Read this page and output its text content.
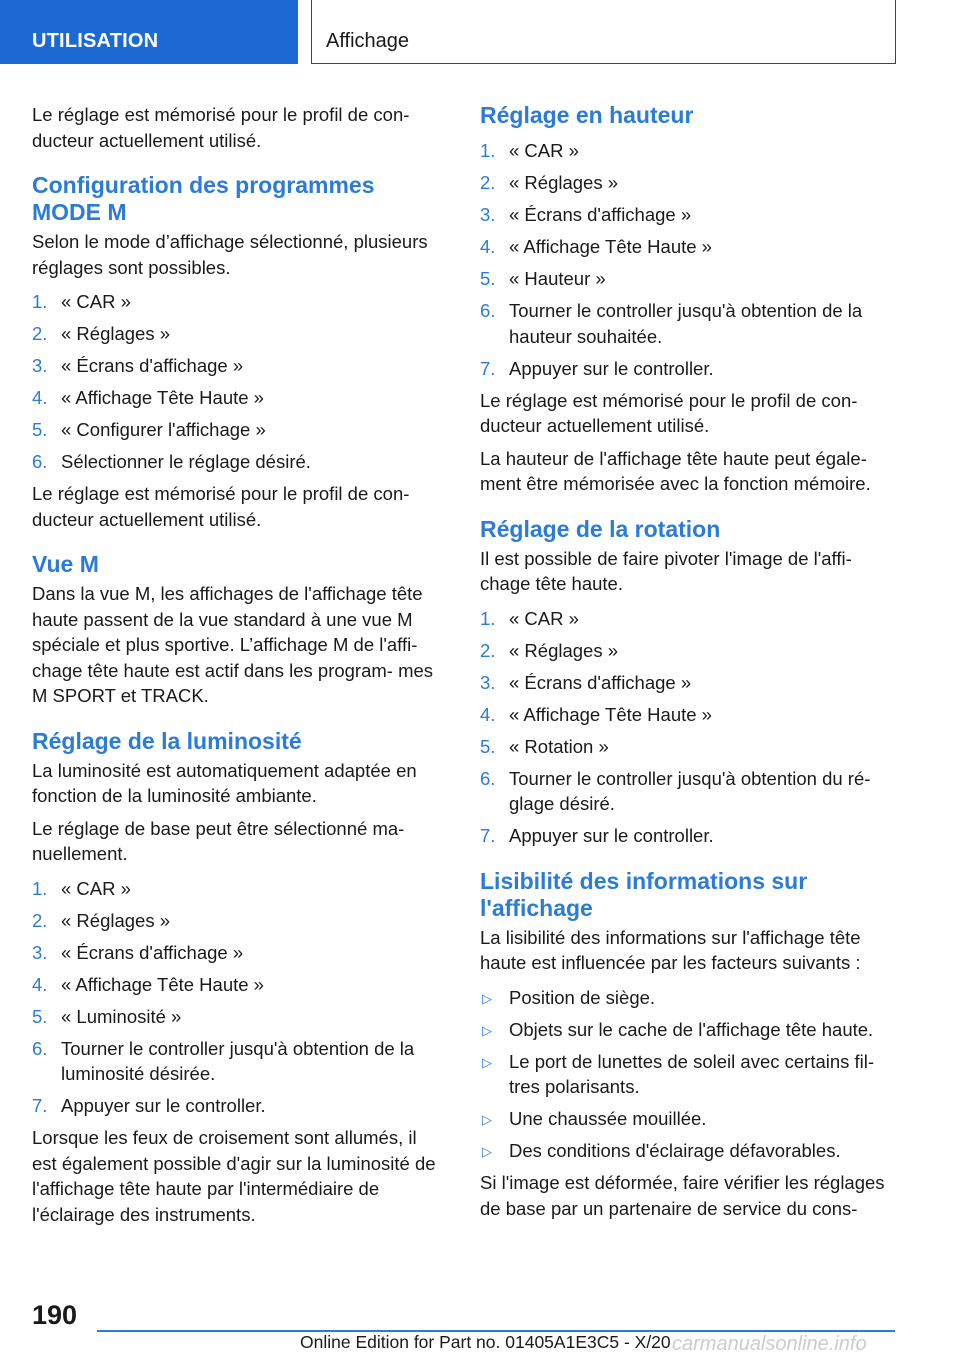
UTILISATION	Affichage

Le réglage est mémorisé pour le profil de con‐ ducteur actuellement utilisé.

Configuration des programmes MODE M

Selon le mode d’affichage sélectionné, plusieurs réglages sont possibles.

1. « CAR »
2. « Réglages »
3. « Écrans d'affichage »
4. « Affichage Tête Haute »
5. « Configurer l'affichage »
6. Sélectionner le réglage désiré.

Le réglage est mémorisé pour le profil de con‐ ducteur actuellement utilisé.

Vue M

Dans la vue M, les affichages de l'affichage tête haute passent de la vue standard à une vue M spéciale et plus sportive. L’affichage M de l'affi‐ chage tête haute est actif dans les program‐ mes M SPORT et TRACK.

Réglage de la luminosité

La luminosité est automatiquement adaptée en fonction de la luminosité ambiante.

Le réglage de base peut être sélectionné ma‐ nuellement.

1. « CAR »
2. « Réglages »
3. « Écrans d'affichage »
4. « Affichage Tête Haute »
5. « Luminosité »
6. Tourner le controller jusqu'à obtention de la luminosité désirée.
7. Appuyer sur le controller.

Lorsque les feux de croisement sont allumés, il est également possible d'agir sur la luminosité de l'affichage tête haute par l'intermédiaire de l'éclairage des instruments.

Réglage en hauteur
1. « CAR »
2. « Réglages »
3. « Écrans d'affichage »
4. « Affichage Tête Haute »
5. « Hauteur »
6. Tourner le controller jusqu'à obtention de la hauteur souhaitée.
7. Appuyer sur le controller.

Le réglage est mémorisé pour le profil de con‐ ducteur actuellement utilisé.

La hauteur de l'affichage tête haute peut égale‐ ment être mémorisée avec la fonction mémoire.

Réglage de la rotation

Il est possible de faire pivoter l'image de l'affi‐ chage tête haute.

1. « CAR »
2. « Réglages »
3. « Écrans d'affichage »
4. « Affichage Tête Haute »
5. « Rotation »
6. Tourner le controller jusqu'à obtention du ré‐ glage désiré.
7. Appuyer sur le controller.
Lisibilité des informations sur l'affichage

La lisibilité des informations sur l'affichage tête haute est influencée par les facteurs suivants :

▷ Position de siège.
▷ Objets sur le cache de l'affichage tête haute.
▷ Le port de lunettes de soleil avec certains fil‐ tres polarisants.
▷ Une chaussée mouillée.
▷ Des conditions d'éclairage défavorables.

Si l'image est déformée, faire vérifier les réglages de base par un partenaire de service du cons‐

190
Online Edition for Part no. 01405A1E3C5 - X/20 carmanualsonline.info
